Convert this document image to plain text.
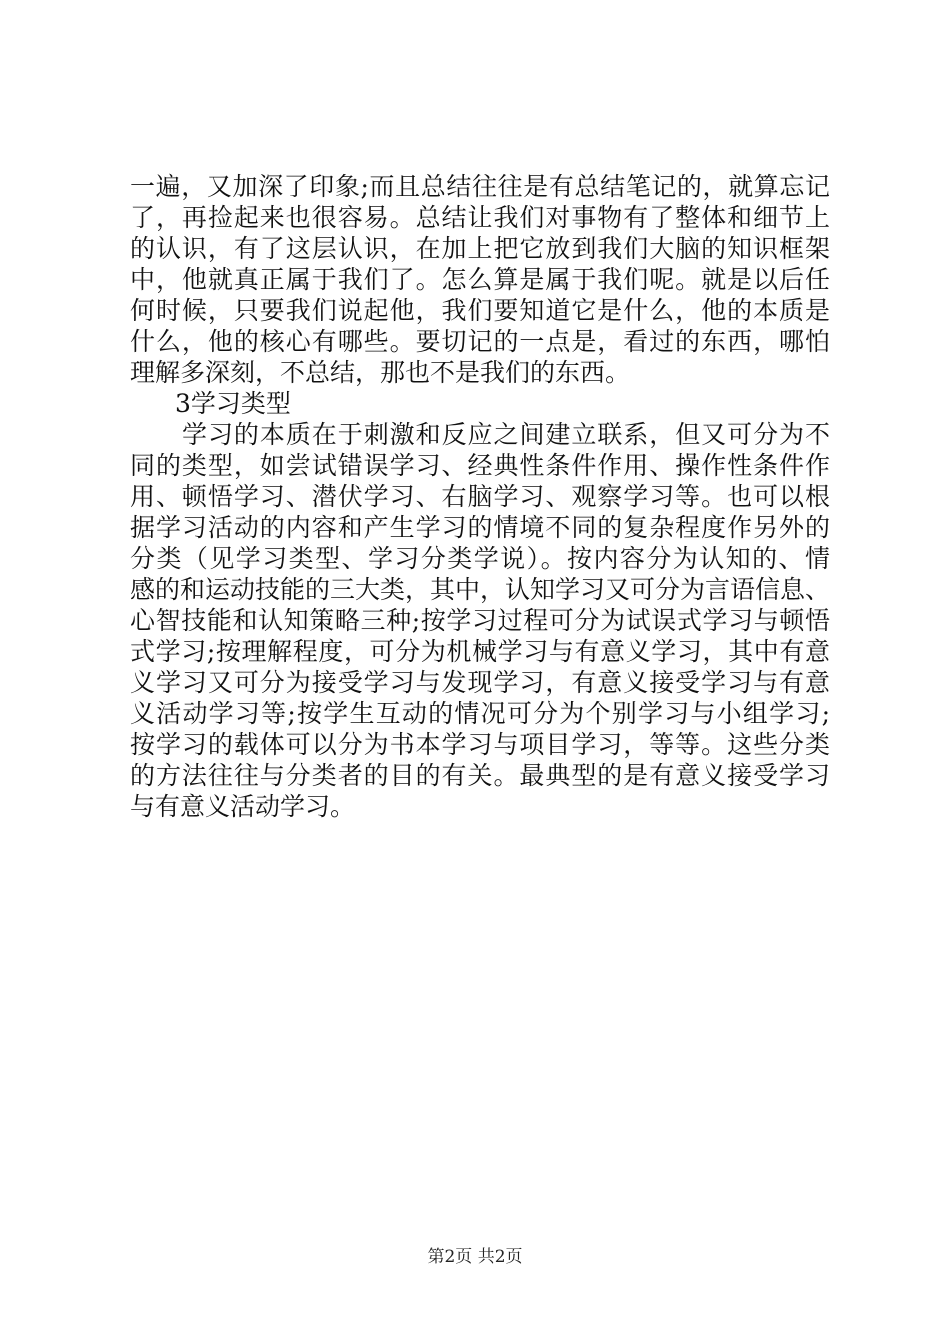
一遍，又加深了印象;而且总结往往是有总结笔记的，就算忘记
了，再捡起来也很容易。总结让我们对事物有了整体和细节上
的认识，有了这层认识，在加上把它放到我们大脑的知识框架
中，他就真正属于我们了。怎么算是属于我们呢。就是以后任
何时候，只要我们说起他，我们要知道它是什么，他的本质是
什么，他的核心有哪些。要切记的一点是，看过的东西，哪怕
理解多深刻，不总结，那也不是我们的东西。
3学习类型
学习的本质在于刺激和反应之间建立联系，但又可分为不
同的类型，如尝试错误学习、经典性条件作用、操作性条件作
用、顿悟学习、潜伏学习、右脑学习、观察学习等。也可以根
据学习活动的内容和产生学习的情境不同的复杂程度作另外的
分类（见学习类型、学习分类学说）。按内容分为认知的、情
感的和运动技能的三大类，其中，认知学习又可分为言语信息、
心智技能和认知策略三种;按学习过程可分为试误式学习与顿悟
式学习;按理解程度，可分为机械学习与有意义学习，其中有意
义学习又可分为接受学习与发现学习，有意义接受学习与有意
义活动学习等;按学生互动的情况可分为个别学习与小组学习;
按学习的载体可以分为书本学习与项目学习，等等。这些分类
的方法往往与分类者的目的有关。最典型的是有意义接受学习
与有意义活动学习。
第2页 共2页
